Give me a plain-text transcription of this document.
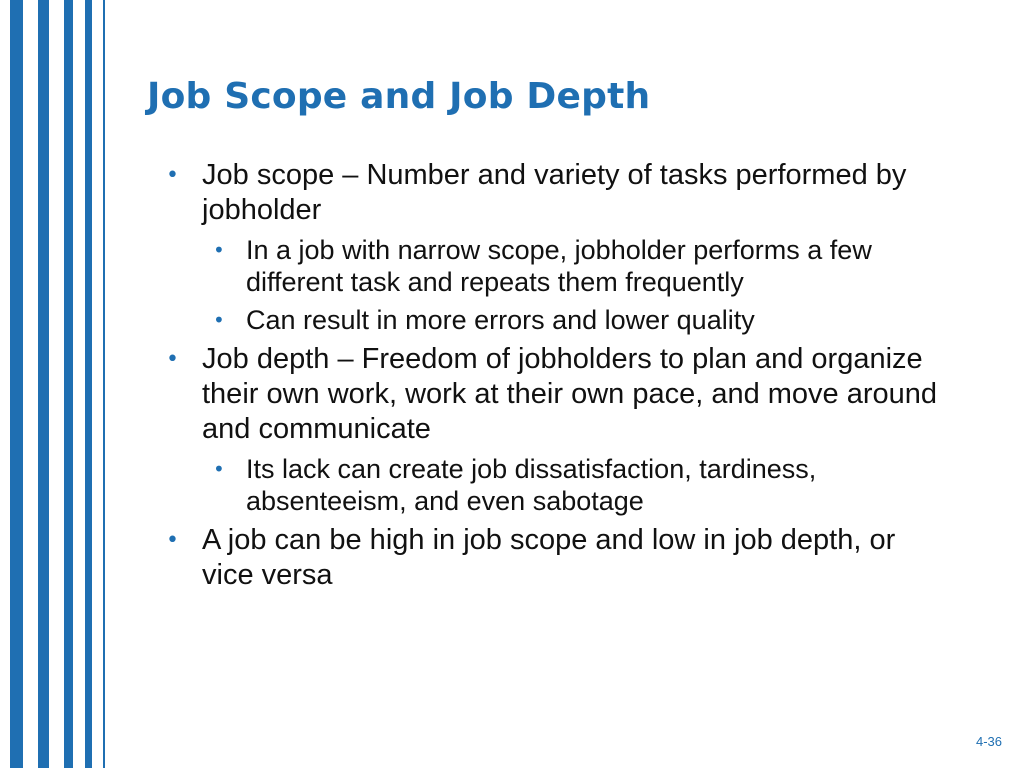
Job Scope and Job Depth

• Job scope – Number and variety of tasks performed by jobholder

• In a job with narrow scope, jobholder performs a few different task and repeats them frequently

• Can result in more errors and lower quality

• Job depth – Freedom of jobholders to plan and organize their own work, work at their own pace, and move around and communicate

• Its lack can create job dissatisfaction, tardiness, absenteeism, and even sabotage

• A job can be high in job scope and low in job depth, or vice versa

4-36
